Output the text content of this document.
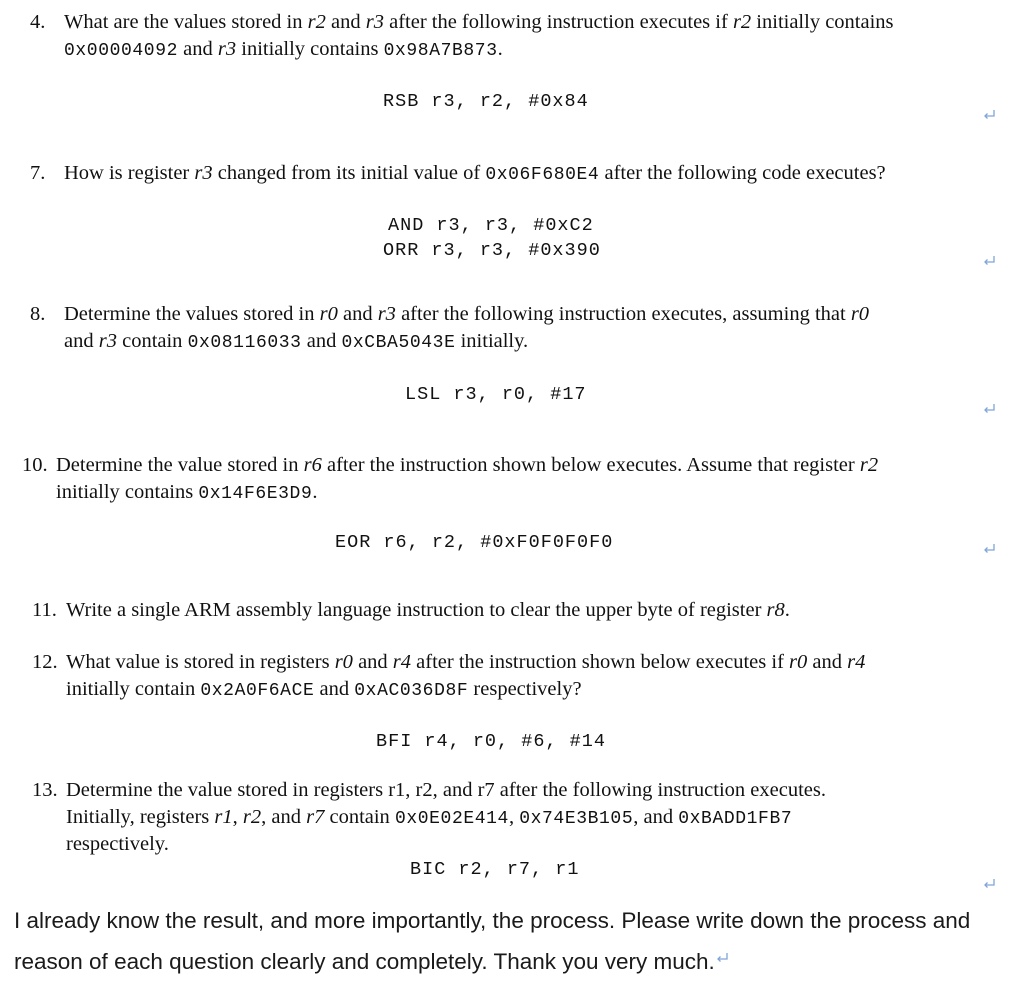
4. What are the values stored in r2 and r3 after the following instruction executes if r2 initially contains
0x00004092 and r3 initially contains 0x98A7B873.
RSB r3, r2, #0x84
7. How is register r3 changed from its initial value of 0x06F680E4 after the following code executes?
AND r3, r3, #0xC2
ORR r3, r3, #0x390
8. Determine the values stored in r0 and r3 after the following instruction executes, assuming that r0
and r3 contain 0x08116033 and 0xCBA5043E initially.
LSL r3, r0, #17
10. Determine the value stored in r6 after the instruction shown below executes. Assume that register r2
initially contains 0x14F6E3D9.
EOR r6, r2, #0xF0F0F0F0
11. Write a single ARM assembly language instruction to clear the upper byte of register r8.
12. What value is stored in registers r0 and r4 after the instruction shown below executes if r0 and r4
initially contain 0x2A0F6ACE and 0xAC036D8F respectively?
BFI r4, r0, #6, #14
13. Determine the value stored in registers r1, r2, and r7 after the following instruction executes.
Initially, registers r1, r2, and r7 contain 0x0E02E414, 0x74E3B105, and 0xBADD1FB7
respectively.
BIC r2, r7, r1
I already know the result, and more importantly, the process. Please write down the process and reason of each question clearly and completely. Thank you very much.
